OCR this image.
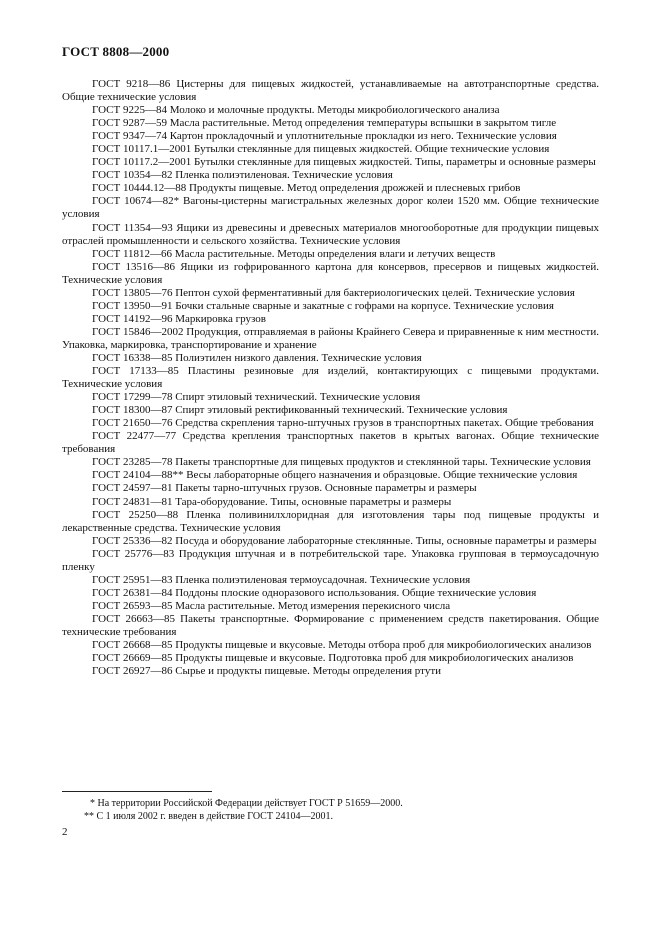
ГОСТ 8808—2000

ГОСТ 9218—86 Цистерны для пищевых жидкостей, устанавливаемые на автотранспортные средства. Общие технические условия

ГОСТ 9225—84 Молоко и молочные продукты. Методы микробиологического анализа

ГОСТ 9287—59 Масла растительные. Метод определения температуры вспышки в закрытом тигле

ГОСТ 9347—74 Картон прокладочный и уплотнительные прокладки из него. Технические условия

ГОСТ 10117.1—2001 Бутылки стеклянные для пищевых жидкостей. Общие технические условия

ГОСТ 10117.2—2001 Бутылки стеклянные для пищевых жидкостей. Типы, параметры и основные размеры

ГОСТ 10354—82 Пленка полиэтиленовая. Технические условия

ГОСТ 10444.12—88 Продукты пищевые. Метод определения дрожжей и плесневых грибов

ГОСТ 10674—82* Вагоны-цистерны магистральных железных дорог колеи 1520 мм. Общие технические условия

ГОСТ 11354—93 Ящики из древесины и древесных материалов многооборотные для продукции пищевых отраслей промышленности и сельского хозяйства. Технические условия

ГОСТ 11812—66 Масла растительные. Методы определения влаги и летучих веществ

ГОСТ 13516—86 Ящики из гофрированного картона для консервов, пресервов и пищевых жидкостей. Технические условия

ГОСТ 13805—76 Пептон сухой ферментативный для бактериологических целей. Технические условия

ГОСТ 13950—91 Бочки стальные сварные и закатные с гофрами на корпусе. Технические условия

ГОСТ 14192—96 Маркировка грузов

ГОСТ 15846—2002 Продукция, отправляемая в районы Крайнего Севера и приравненные к ним местности. Упаковка, маркировка, транспортирование и хранение

ГОСТ 16338—85 Полиэтилен низкого давления. Технические условия

ГОСТ 17133—85 Пластины резиновые для изделий, контактирующих с пищевыми продуктами. Технические условия

ГОСТ 17299—78 Спирт этиловый технический. Технические условия

ГОСТ 18300—87 Спирт этиловый ректификованный технический. Технические условия

ГОСТ 21650—76 Средства скрепления тарно-штучных грузов в транспортных пакетах. Общие требования

ГОСТ 22477—77 Средства крепления транспортных пакетов в крытых вагонах. Общие технические требования

ГОСТ 23285—78 Пакеты транспортные для пищевых продуктов и стеклянной тары. Технические условия

ГОСТ 24104—88** Весы лабораторные общего назначения и образцовые. Общие технические условия

ГОСТ 24597—81 Пакеты тарно-штучных грузов. Основные параметры и размеры

ГОСТ 24831—81 Тара-оборудование. Типы, основные параметры и размеры

ГОСТ 25250—88 Пленка поливинилхлоридная для изготовления тары под пищевые продукты и лекарственные средства. Технические условия

ГОСТ 25336—82 Посуда и оборудование лабораторные стеклянные. Типы, основные параметры и размеры

ГОСТ 25776—83 Продукция штучная и в потребительской таре. Упаковка групповая в термоусадочную пленку

ГОСТ 25951—83 Пленка полиэтиленовая термоусадочная. Технические условия

ГОСТ 26381—84 Поддоны плоские одноразового использования. Общие технические условия

ГОСТ 26593—85 Масла растительные. Метод измерения перекисного числа

ГОСТ 26663—85 Пакеты транспортные. Формирование с применением средств пакетирования. Общие технические требования

ГОСТ 26668—85 Продукты пищевые и вкусовые. Методы отбора проб для микробиологических анализов

ГОСТ 26669—85 Продукты пищевые и вкусовые. Подготовка проб для микробиологических анализов

ГОСТ 26927—86 Сырье и продукты пищевые. Методы определения ртути

* На территории Российской Федерации действует ГОСТ Р 51659—2000.

** С 1 июля 2002 г. введен в действие ГОСТ 24104—2001.

2
